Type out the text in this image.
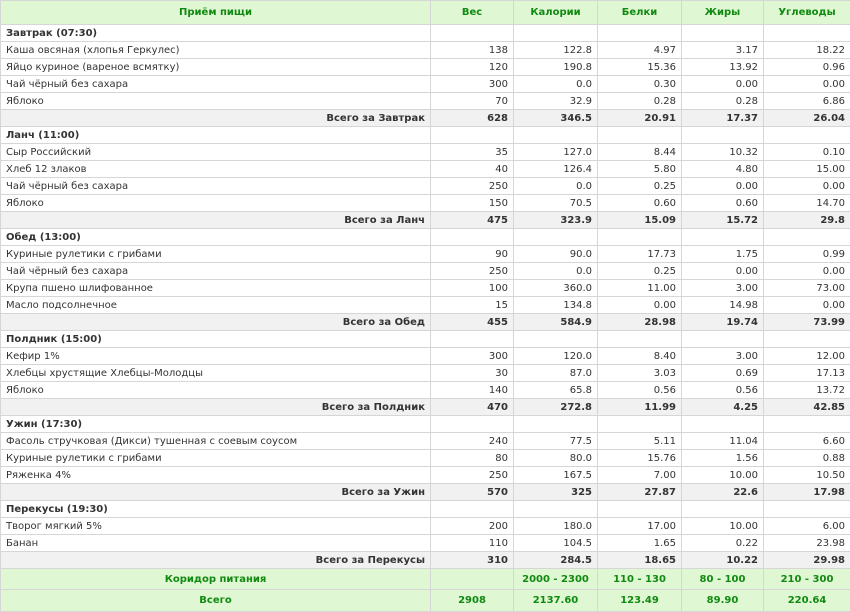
Приём пищи	Вес	Калории	Белки	Жиры	Углеводы
Завтрак (07:30)					
Каша овсяная (хлопья Геркулес)	138	122.8	4.97	3.17	18.22
Яйцо куриное (вареное всмятку)	120	190.8	15.36	13.92	0.96
Чай чёрный без сахара	300	0.0	0.30	0.00	0.00
Яблоко	70	32.9	0.28	0.28	6.86
Всего за Завтрак	628	346.5	20.91	17.37	26.04
Ланч (11:00)					
Сыр Российский	35	127.0	8.44	10.32	0.10
Хлеб 12 злаков	40	126.4	5.80	4.80	15.00
Чай чёрный без сахара	250	0.0	0.25	0.00	0.00
Яблоко	150	70.5	0.60	0.60	14.70
Всего за Ланч	475	323.9	15.09	15.72	29.8
Обед (13:00)					
Куриные рулетики с грибами	90	90.0	17.73	1.75	0.99
Чай чёрный без сахара	250	0.0	0.25	0.00	0.00
Крупа пшено шлифованное	100	360.0	11.00	3.00	73.00
Масло подсолнечное	15	134.8	0.00	14.98	0.00
Всего за Обед	455	584.9	28.98	19.74	73.99
Полдник (15:00)					
Кефир 1%	300	120.0	8.40	3.00	12.00
Хлебцы хрустящие Хлебцы-Молодцы	30	87.0	3.03	0.69	17.13
Яблоко	140	65.8	0.56	0.56	13.72
Всего за Полдник	470	272.8	11.99	4.25	42.85
Ужин (17:30)					
Фасоль стручковая (Дикси) тушенная с соевым соусом	240	77.5	5.11	11.04	6.60
Куриные рулетики с грибами	80	80.0	15.76	1.56	0.88
Ряженка 4%	250	167.5	7.00	10.00	10.50
Всего за Ужин	570	325	27.87	22.6	17.98
Перекусы (19:30)					
Творог мягкий 5%	200	180.0	17.00	10.00	6.00
Банан	110	104.5	1.65	0.22	23.98
Всего за Перекусы	310	284.5	18.65	10.22	29.98
Коридор питания		2000 - 2300	110 - 130	80 - 100	210 - 300
Всего	2908	2137.60	123.49	89.90	220.64
